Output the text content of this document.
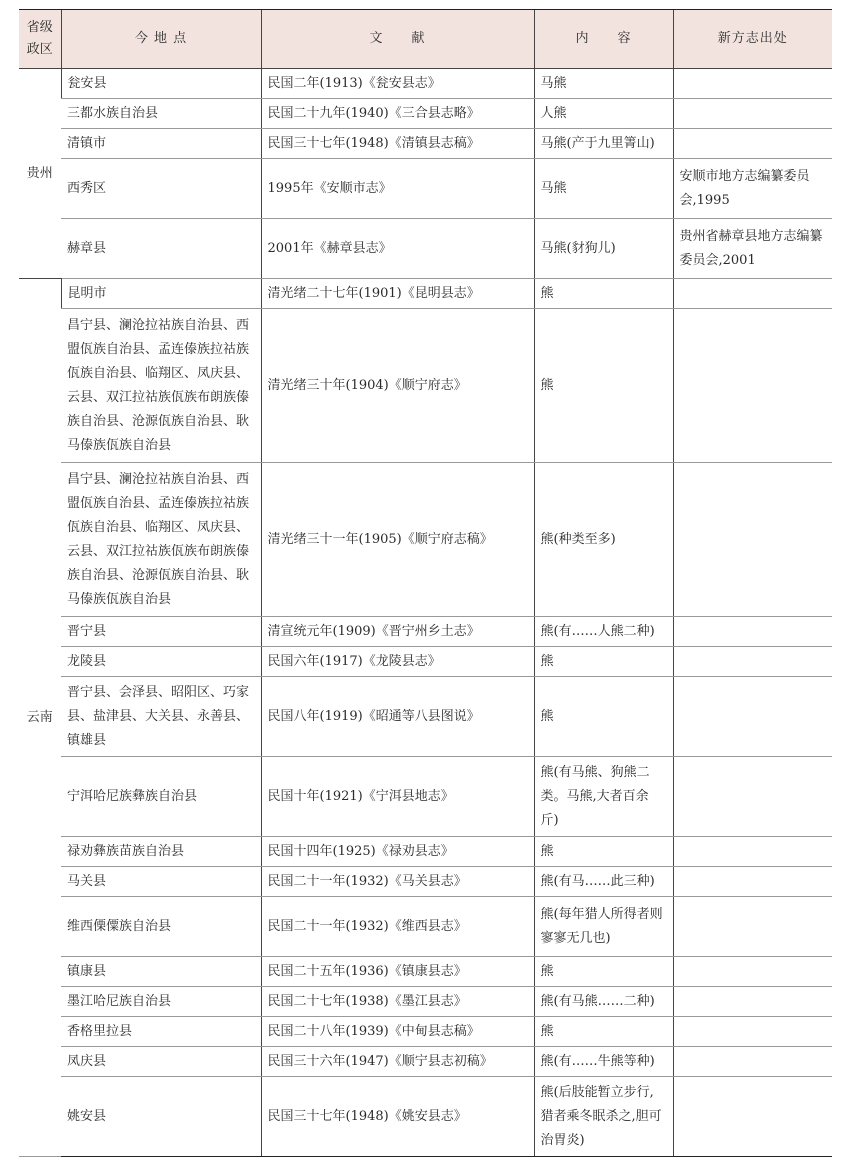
省级
政区	今 地 点	文　　献	内　　容	新方志出处
贵州	瓮安县	民国二年(1913)《瓮安县志》	马熊	
	三都水族自治县	民国二十九年(1940)《三合县志略》	人熊	
	清镇市	民国三十七年(1948)《清镇县志稿》	马熊(产于九里箐山)	
	西秀区	1995年《安顺市志》	马熊	安顺市地方志编纂委员会,1995
	赫章县	2001年《赫章县志》	马熊(豺狗儿)	贵州省赫章县地方志编纂委员会,2001
云南	昆明市	清光绪二十七年(1901)《昆明县志》	熊	
	昌宁县、澜沧拉祜族自治县、西盟佤族自治县、孟连傣族拉祜族佤族自治县、临翔区、凤庆县、云县、双江拉祜族佤族布朗族傣族自治县、沧源佤族自治县、耿马傣族佤族自治县	清光绪三十年(1904)《顺宁府志》	熊	
	昌宁县、澜沧拉祜族自治县、西盟佤族自治县、孟连傣族拉祜族佤族自治县、临翔区、凤庆县、云县、双江拉祜族佤族布朗族傣族自治县、沧源佤族自治县、耿马傣族佤族自治县	清光绪三十一年(1905)《顺宁府志稿》	熊(种类至多)	
	晋宁县	清宣统元年(1909)《晋宁州乡土志》	熊(有……人熊二种)	
	龙陵县	民国六年(1917)《龙陵县志》	熊	
	晋宁县、会泽县、昭阳区、巧家县、盐津县、大关县、永善县、镇雄县	民国八年(1919)《昭通等八县图说》	熊	
	宁洱哈尼族彝族自治县	民国十年(1921)《宁洱县地志》	熊(有马熊、狗熊二类。马熊,大者百余斤)	
	禄劝彝族苗族自治县	民国十四年(1925)《禄劝县志》	熊	
	马关县	民国二十一年(1932)《马关县志》	熊(有马……此三种)	
	维西傈僳族自治县	民国二十一年(1932)《维西县志》	熊(每年猎人所得者则寥寥无几也)	
	镇康县	民国二十五年(1936)《镇康县志》	熊	
	墨江哈尼族自治县	民国二十七年(1938)《墨江县志》	熊(有马熊……二种)	
	香格里拉县	民国二十八年(1939)《中甸县志稿》	熊	
	凤庆县	民国三十六年(1947)《顺宁县志初稿》	熊(有……牛熊等种)	
	姚安县	民国三十七年(1948)《姚安县志》	熊(后肢能暂立步行,猎者乘冬眠杀之,胆可治胃炎)	
